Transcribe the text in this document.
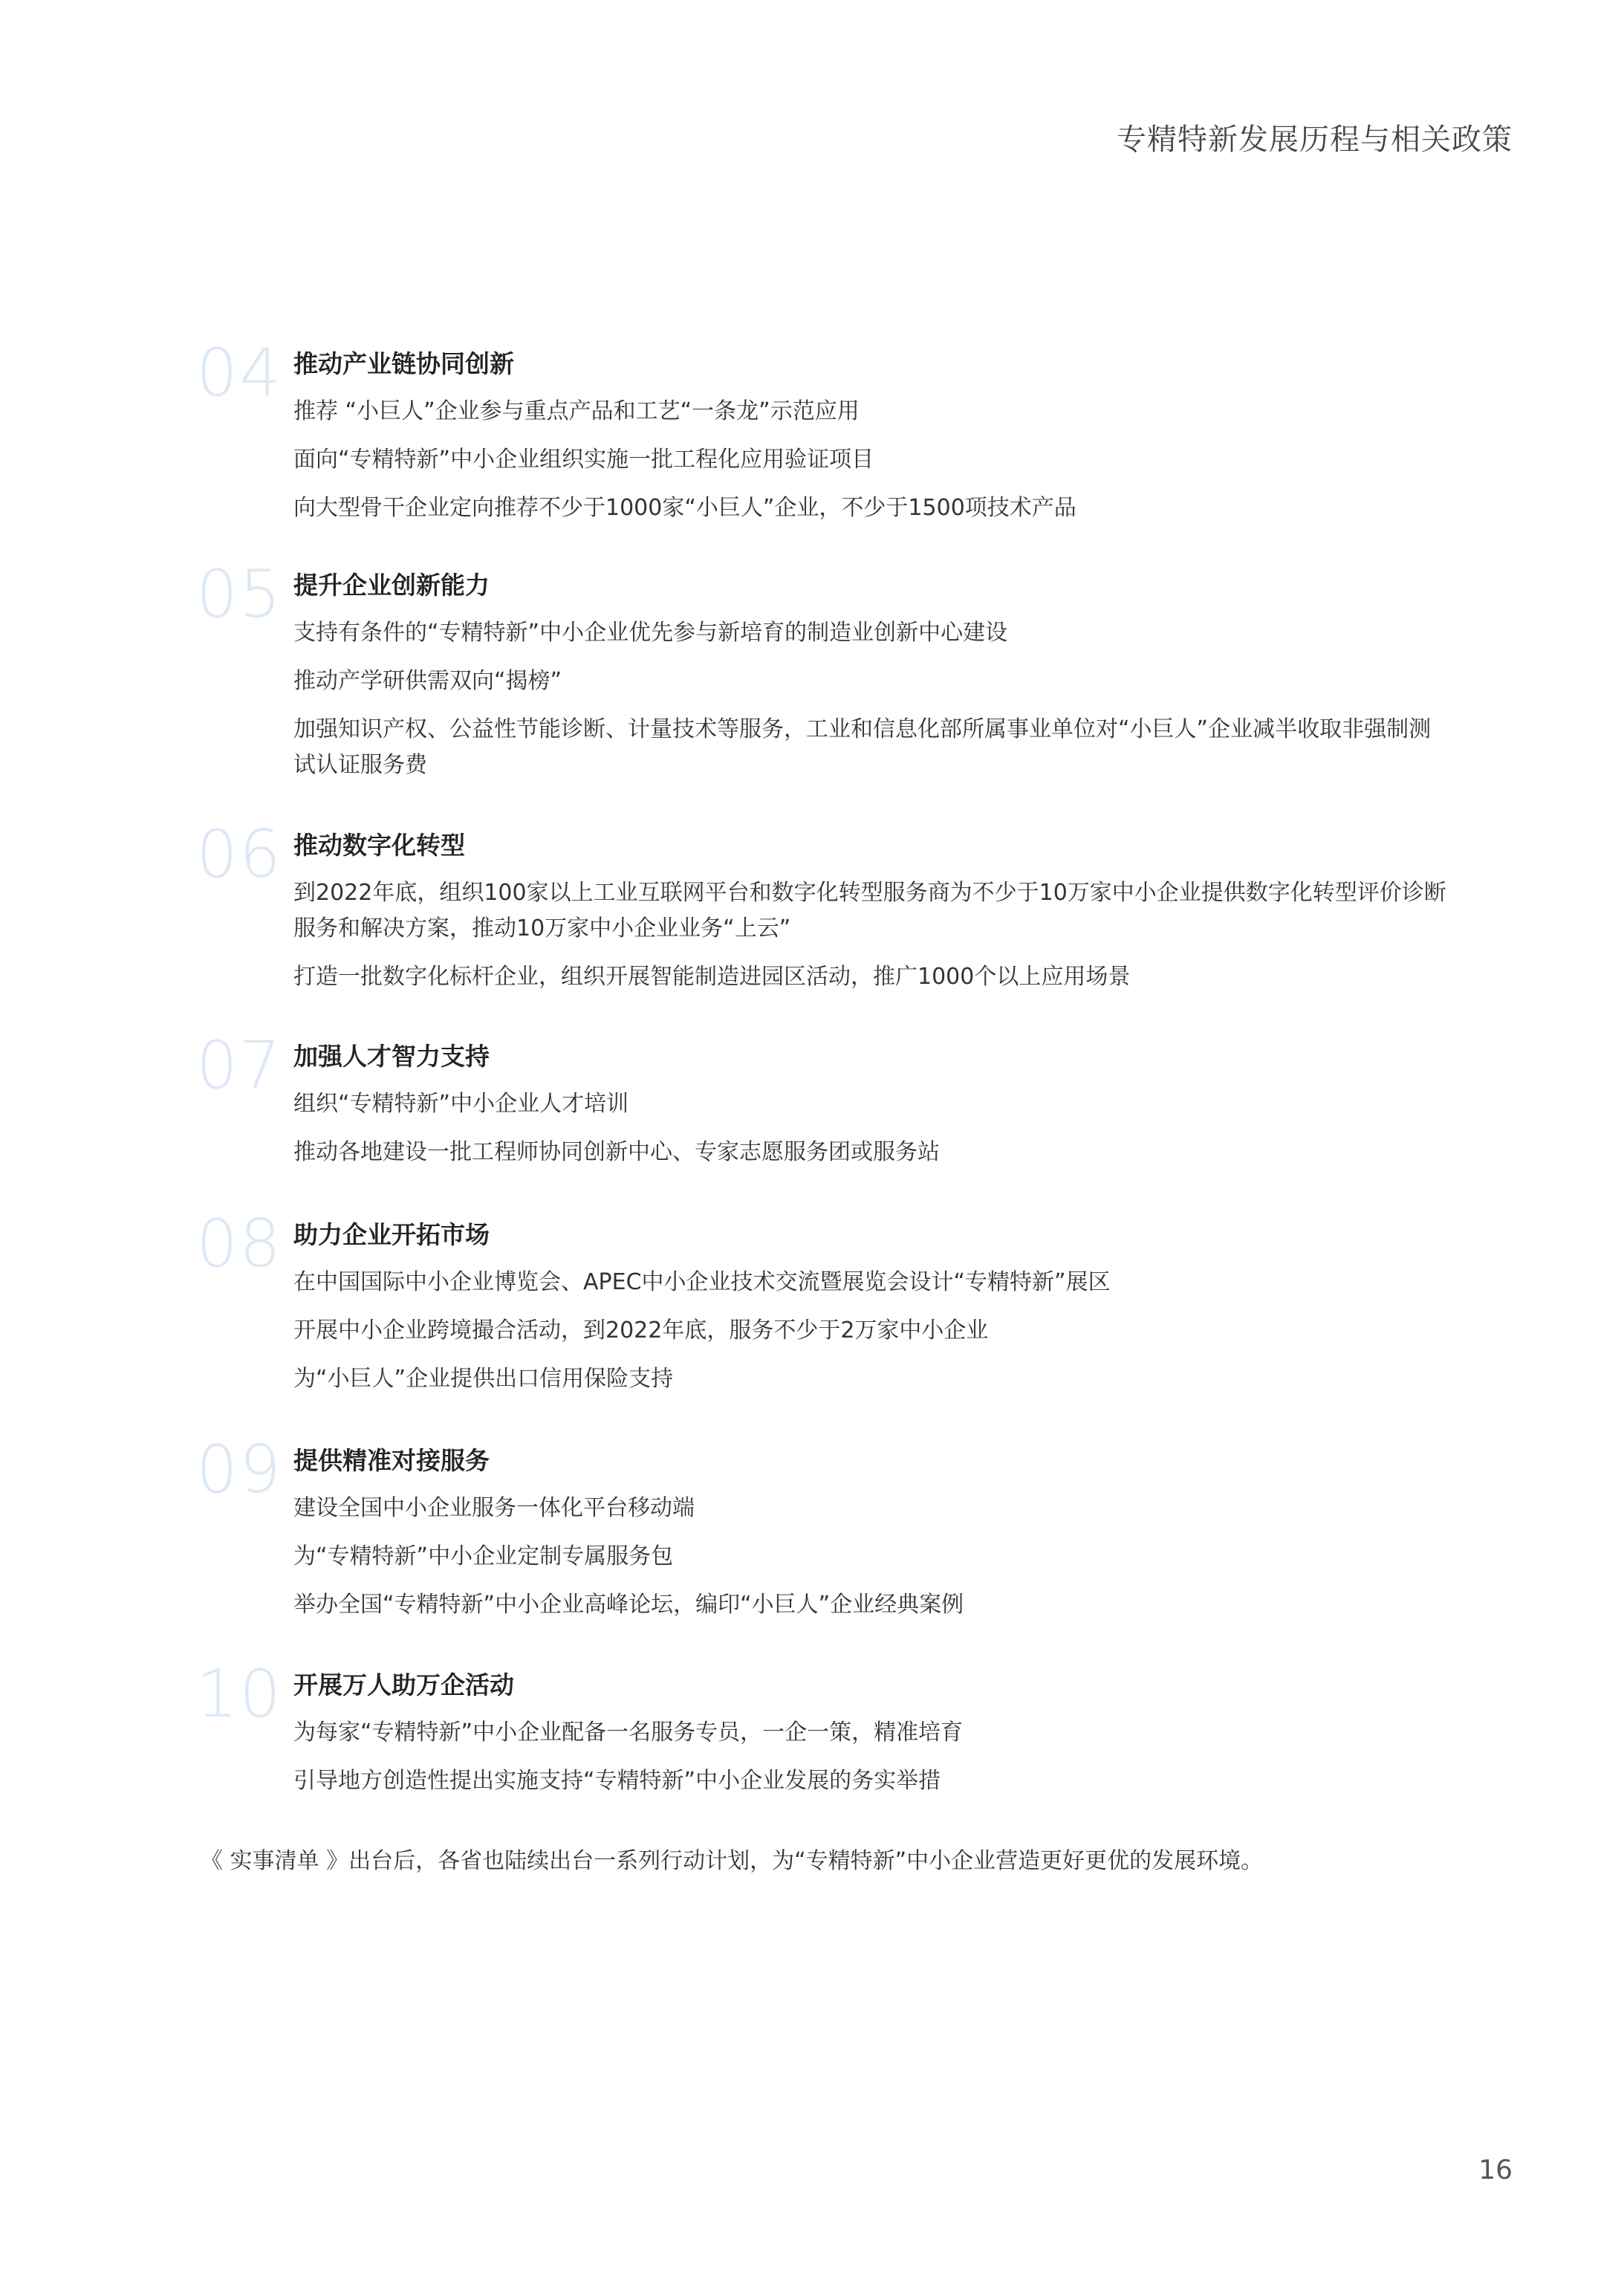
专精特新发展历程与相关政策
04 推动产业链协同创新
推荐 “小巨人”企业参与重点产品和工艺“一条龙”示范应用
面向“专精特新”中小企业组织实施一批工程化应用验证项目
向大型骨干企业定向推荐不少于1000家“小巨人”企业，不少于1500项技术产品
05 提升企业创新能力
支持有条件的“专精特新”中小企业优先参与新培育的制造业创新中心建设
推动产学研供需双向“揭榜”
加强知识产权、公益性节能诊断、计量技术等服务，工业和信息化部所属事业单位对“小巨人”企业减半收取非强制测试认证服务费
06 推动数字化转型
到2022年底，组织100家以上工业互联网平台和数字化转型服务商为不少于10万家中小企业提供数字化转型评价诊断服务和解决方案，推动10万家中小企业业务“上云”
打造一批数字化标杆企业，组织开展智能制造进园区活动，推广1000个以上应用场景
07 加强人才智力支持
组织“专精特新”中小企业人才培训
推动各地建设一批工程师协同创新中心、专家志愿服务团或服务站
08 助力企业开拓市场
在中国国际中小企业博览会、APEC中小企业技术交流暨展览会设计“专精特新”展区
开展中小企业跨境撮合活动，到2022年底，服务不少于2万家中小企业
为“小巨人”企业提供出口信用保险支持
09 提供精准对接服务
建设全国中小企业服务一体化平台移动端
为“专精特新”中小企业定制专属服务包
举办全国“专精特新”中小企业高峰论坛，编印“小巨人”企业经典案例
10 开展万人助万企活动
为每家“专精特新”中小企业配备一名服务专员，一企一策，精准培育
引导地方创造性提出实施支持“专精特新”中小企业发展的务实举措
《 实事清单 》出台后，各省也陆续出台一系列行动计划，为“专精特新”中小企业营造更好更优的发展环境。
16
